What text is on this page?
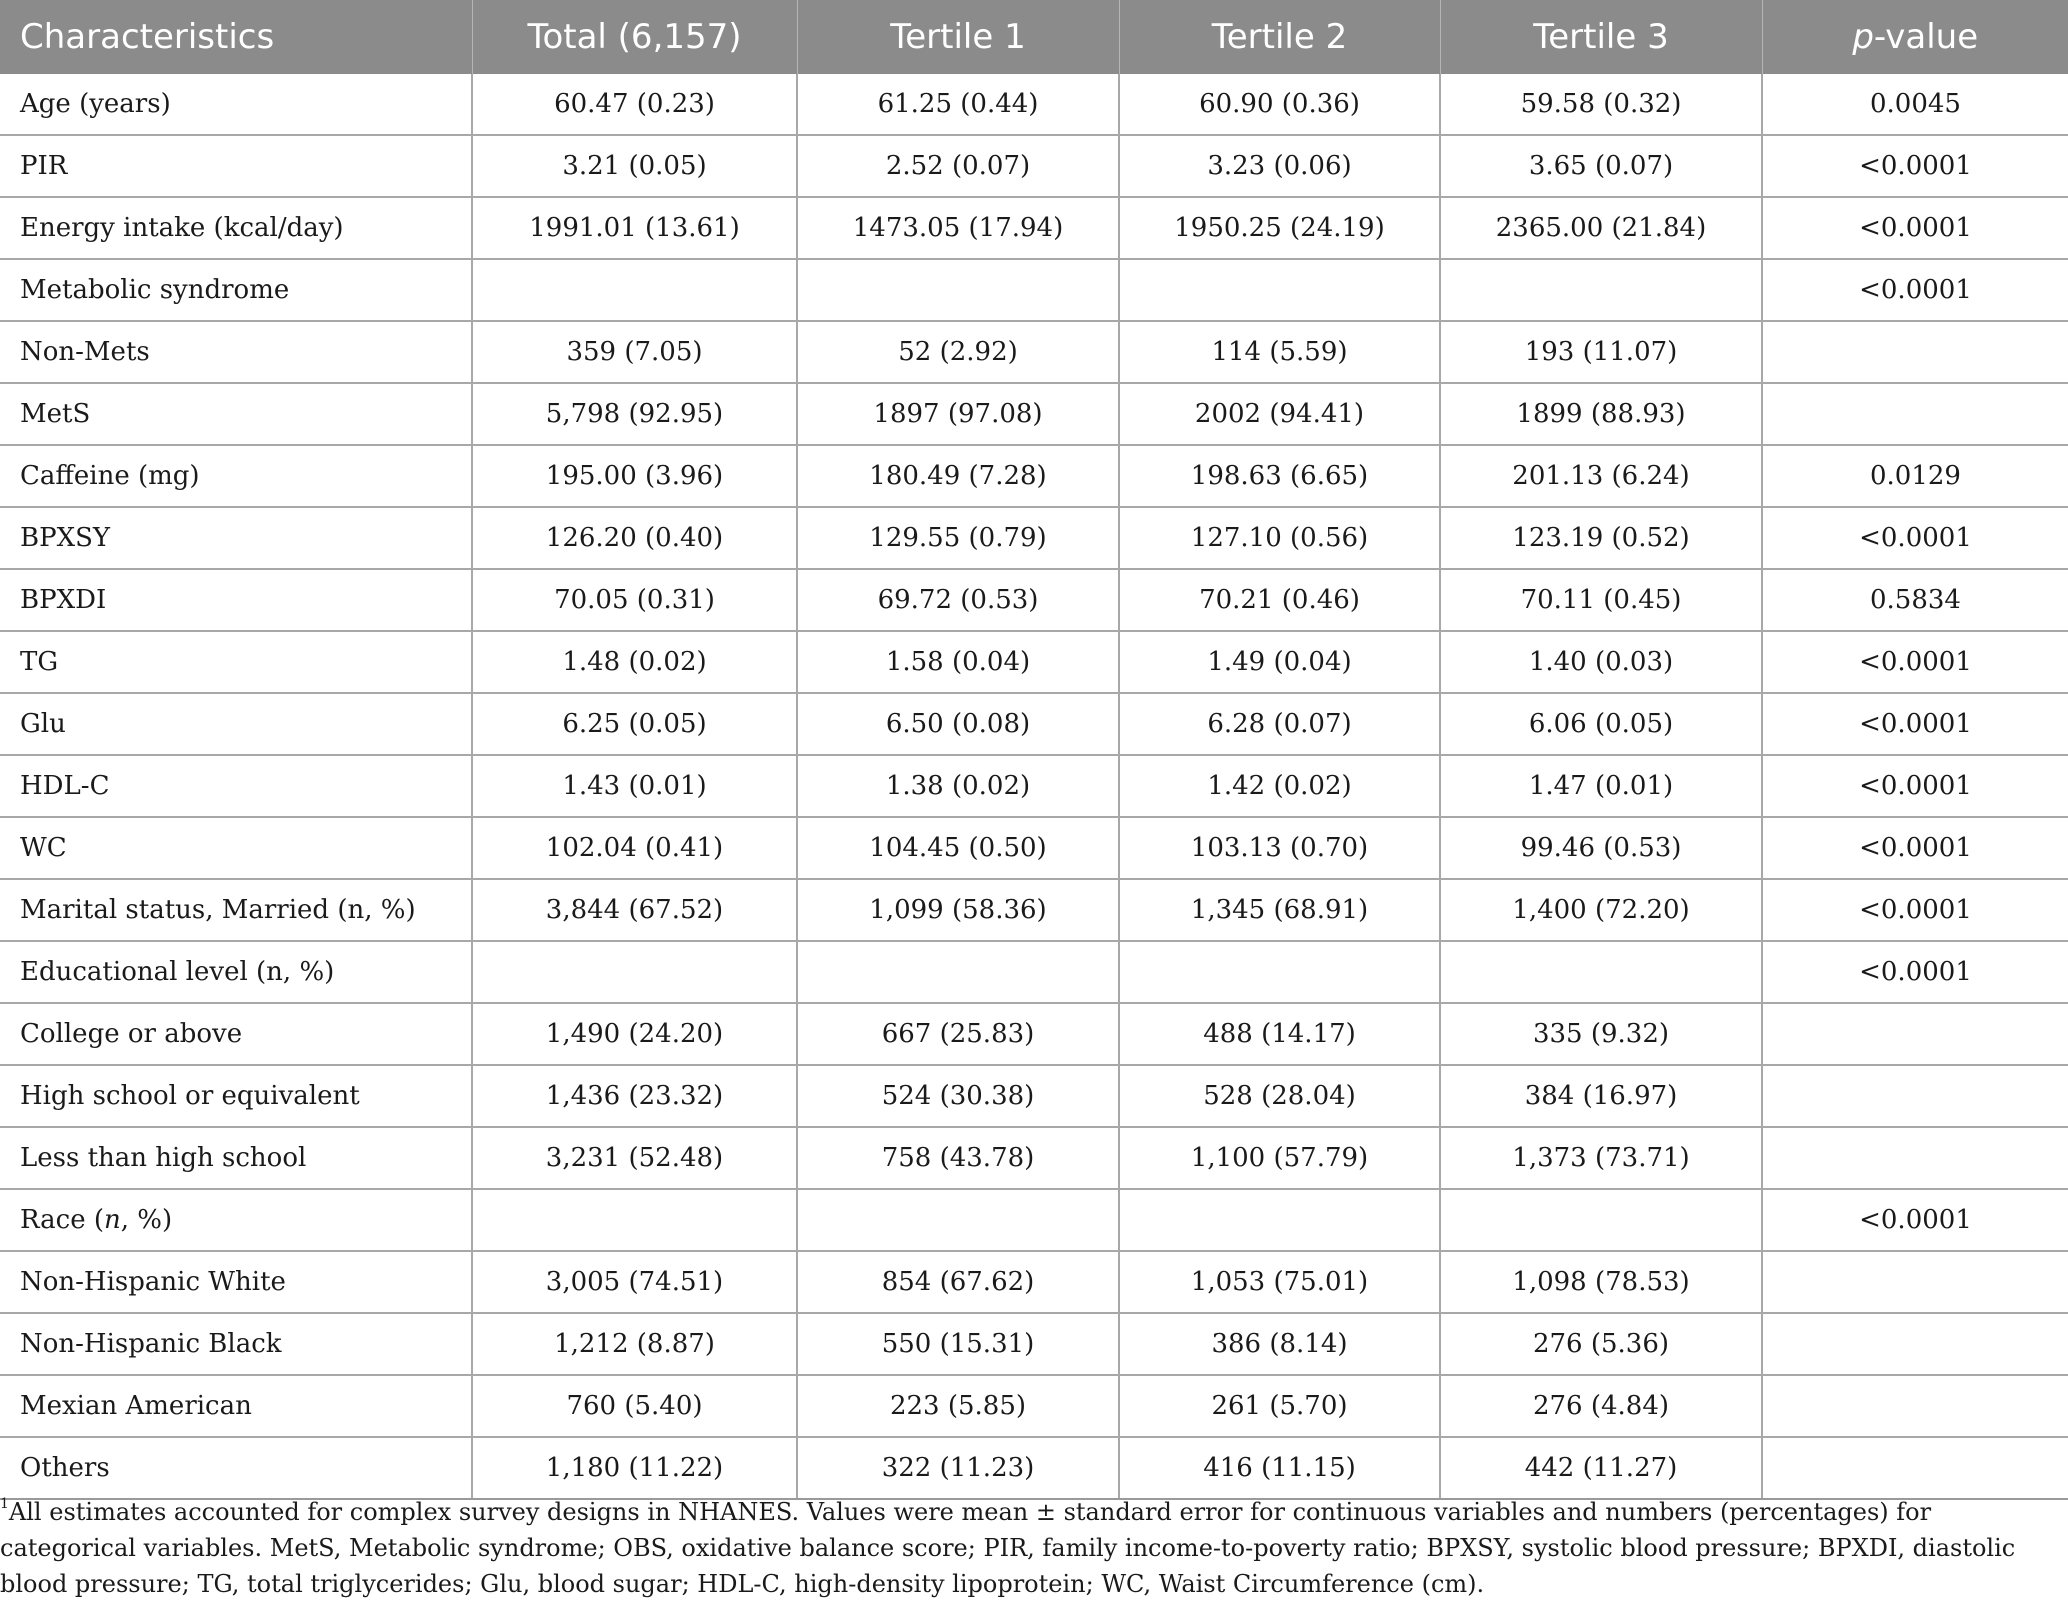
Characteristics	Total (6,157)	Tertile 1	Tertile 2	Tertile 3	p-value
Age (years)	60.47 (0.23)	61.25 (0.44)	60.90 (0.36)	59.58 (0.32)	0.0045
PIR	3.21 (0.05)	2.52 (0.07)	3.23 (0.06)	3.65 (0.07)	<0.0001
Energy intake (kcal/day)	1991.01 (13.61)	1473.05 (17.94)	1950.25 (24.19)	2365.00 (21.84)	<0.0001
Metabolic syndrome					<0.0001
Non-Mets	359 (7.05)	52 (2.92)	114 (5.59)	193 (11.07)	
MetS	5,798 (92.95)	1897 (97.08)	2002 (94.41)	1899 (88.93)	
Caffeine (mg)	195.00 (3.96)	180.49 (7.28)	198.63 (6.65)	201.13 (6.24)	0.0129
BPXSY	126.20 (0.40)	129.55 (0.79)	127.10 (0.56)	123.19 (0.52)	<0.0001
BPXDI	70.05 (0.31)	69.72 (0.53)	70.21 (0.46)	70.11 (0.45)	0.5834
TG	1.48 (0.02)	1.58 (0.04)	1.49 (0.04)	1.40 (0.03)	<0.0001
Glu	6.25 (0.05)	6.50 (0.08)	6.28 (0.07)	6.06 (0.05)	<0.0001
HDL-C	1.43 (0.01)	1.38 (0.02)	1.42 (0.02)	1.47 (0.01)	<0.0001
WC	102.04 (0.41)	104.45 (0.50)	103.13 (0.70)	99.46 (0.53)	<0.0001
Marital status, Married (n, %)	3,844 (67.52)	1,099 (58.36)	1,345 (68.91)	1,400 (72.20)	<0.0001
Educational level (n, %)					<0.0001
College or above	1,490 (24.20)	667 (25.83)	488 (14.17)	335 (9.32)	
High school or equivalent	1,436 (23.32)	524 (30.38)	528 (28.04)	384 (16.97)	
Less than high school	3,231 (52.48)	758 (43.78)	1,100 (57.79)	1,373 (73.71)	
Race (n, %)					<0.0001
Non-Hispanic White	3,005 (74.51)	854 (67.62)	1,053 (75.01)	1,098 (78.53)	
Non-Hispanic Black	1,212 (8.87)	550 (15.31)	386 (8.14)	276 (5.36)	
Mexian American	760 (5.40)	223 (5.85)	261 (5.70)	276 (4.84)	
Others	1,180 (11.22)	322 (11.23)	416 (11.15)	442 (11.27)	
$^1$All estimates accounted for complex survey designs in NHANES. Values were mean ± standard error for continuous variables and numbers (percentages) for categorical variables. MetS, Metabolic syndrome; OBS, oxidative balance score; PIR, family income-to-poverty ratio; BPXSY, systolic blood pressure; BPXDI, diastolic blood pressure; TG, total triglycerides; Glu, blood sugar; HDL-C, high-density lipoprotein; WC, Waist Circumference (cm).
